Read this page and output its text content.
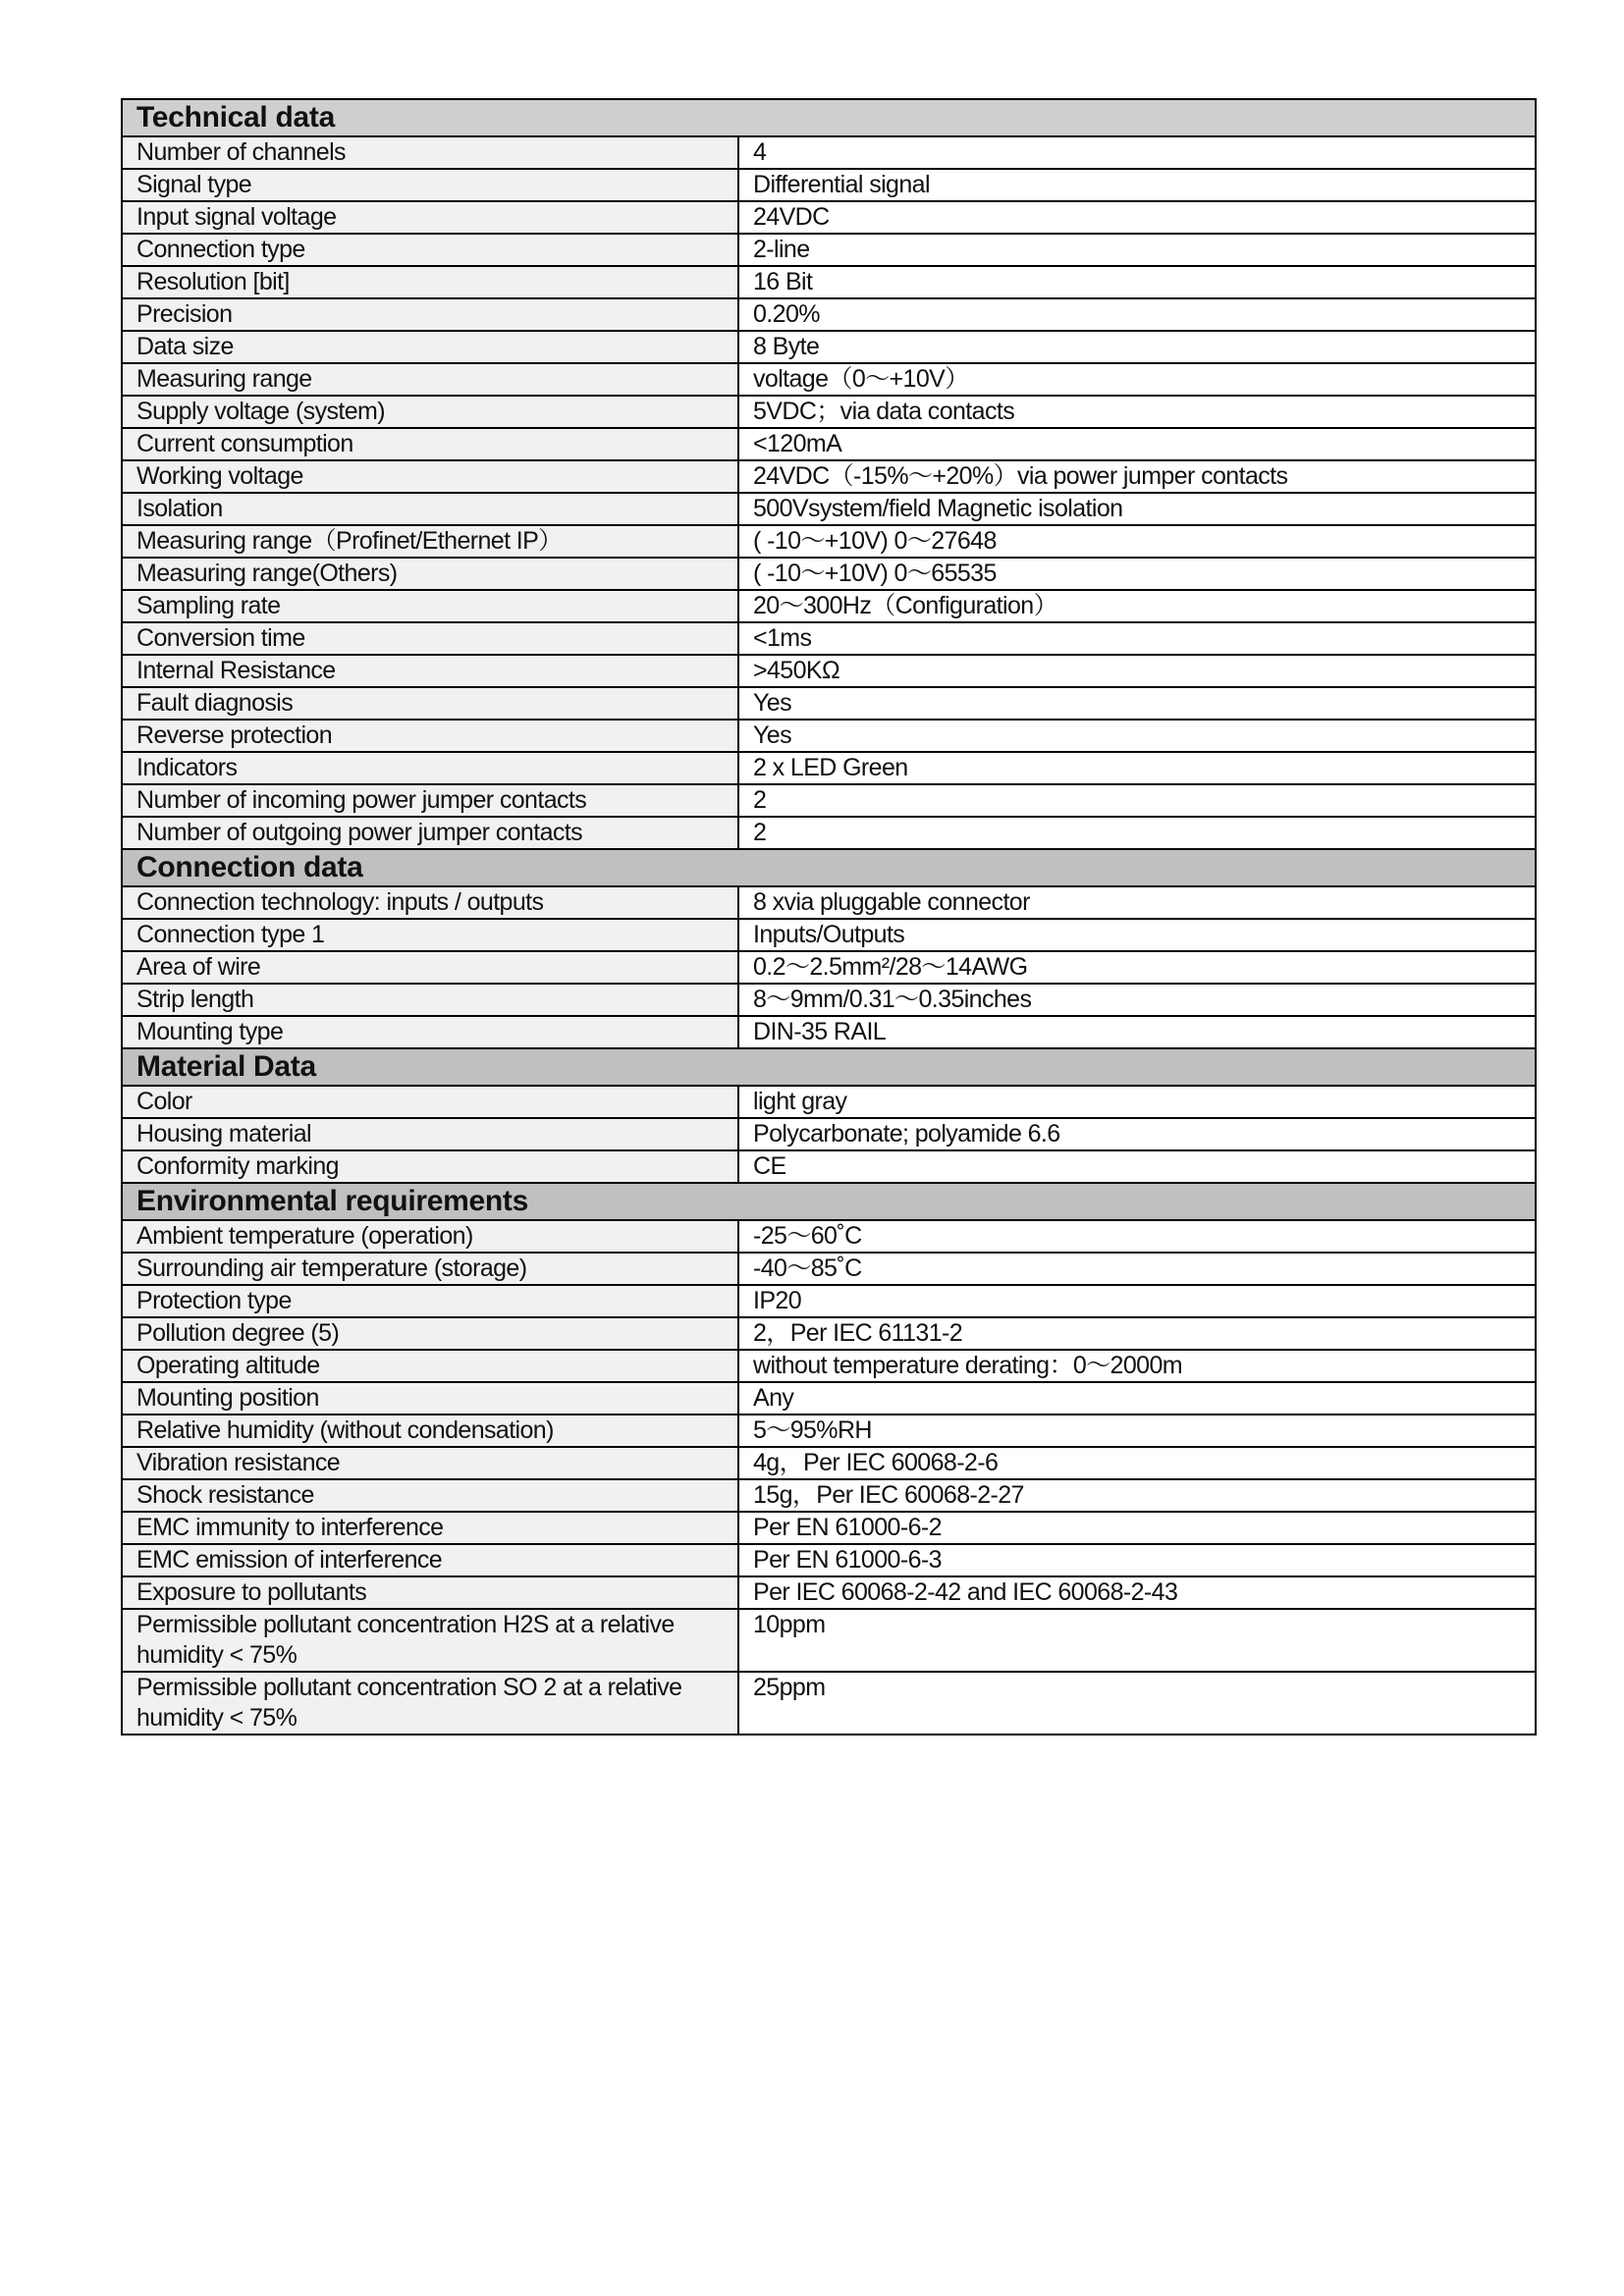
Technical data	
Number of channels	4
Signal type	Differential signal
Input signal voltage	24VDC
Connection type	2-line
Resolution [bit]	16 Bit
Precision	0.20%
Data size	8 Byte
Measuring range	voltage（0～+10V）
Supply voltage (system)	5VDC；via data contacts
Current consumption	<120mA
Working voltage	24VDC（-15%～+20%）via power jumper contacts
Isolation	500Vsystem/field Magnetic isolation
Measuring range（Profinet/Ethernet IP）	( -10～+10V) 0～27648
Measuring range(Others)	( -10～+10V) 0～65535
Sampling rate	20～300Hz（Configuration）
Conversion time	<1ms
Internal Resistance	>450KΩ
Fault diagnosis	Yes
Reverse protection	Yes
Indicators	2 x LED Green
Number of incoming power jumper contacts	2
Number of outgoing power jumper contacts	2
Connection data	
Connection technology: inputs / outputs	8 xvia pluggable connector
Connection type 1	Inputs/Outputs
Area of wire	0.2～2.5mm²/28～14AWG
Strip length	8～9mm/0.31～0.35inches
Mounting type	DIN-35 RAIL
Material Data	
Color	light gray
Housing material	Polycarbonate; polyamide 6.6
Conformity marking	CE
Environmental requirements	
Ambient temperature (operation)	-25～60˚C
Surrounding air temperature (storage)	-40～85˚C
Protection type	IP20
Pollution degree (5)	2，Per IEC 61131-2
Operating altitude	without temperature derating：0～2000m
Mounting position	Any
Relative humidity (without condensation)	5～95%RH
Vibration resistance	4g，Per IEC 60068-2-6
Shock resistance	15g，Per IEC 60068-2-27
EMC immunity to interference	Per EN 61000-6-2
EMC emission of interference	Per EN 61000-6-3
Exposure to pollutants	Per IEC 60068-2-42 and IEC 60068-2-43
Permissible pollutant concentration H2S at a relative humidity < 75%	10ppm
Permissible pollutant concentration SO 2 at a relative humidity < 75%	25ppm
